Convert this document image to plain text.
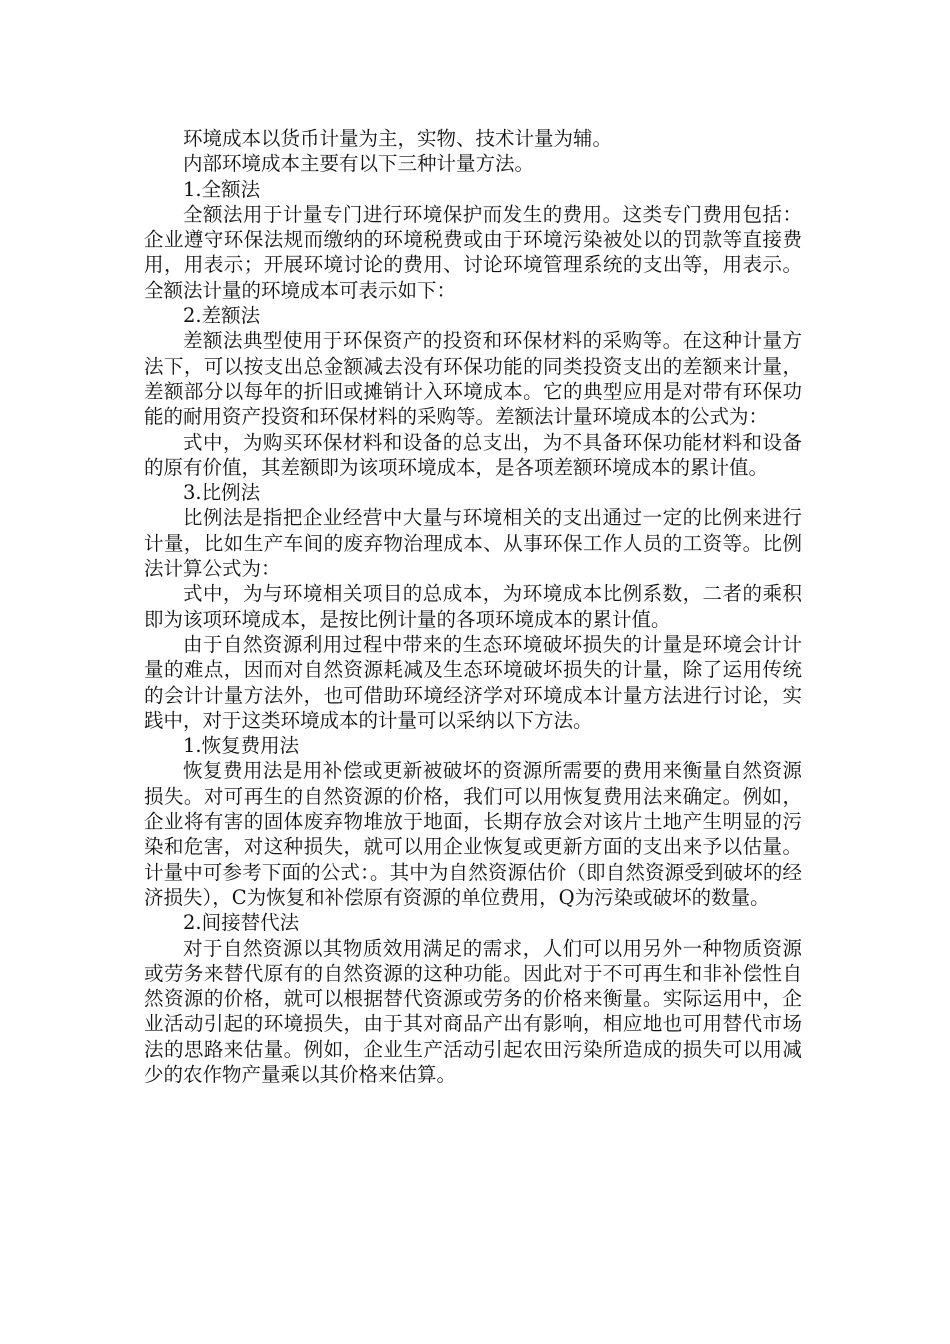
环境成本以货币计量为主，实物、技术计量为辅。

内部环境成本主要有以下三种计量方法。

1.全额法

全额法用于计量专门进行环境保护而发生的费用。这类专门费用包括：企业遵守环保法规而缴纳的环境税费或由于环境污染被处以的罚款等直接费用，用表示；开展环境讨论的费用、讨论环境管理系统的支出等，用表示。全额法计量的环境成本可表示如下：

2.差额法

差额法典型使用于环保资产的投资和环保材料的采购等。在这种计量方法下，可以按支出总金额减去没有环保功能的同类投资支出的差额来计量，差额部分以每年的折旧或摊销计入环境成本。它的典型应用是对带有环保功能的耐用资产投资和环保材料的采购等。差额法计量环境成本的公式为：

式中，为购买环保材料和设备的总支出，为不具备环保功能材料和设备的原有价值，其差额即为该项环境成本，是各项差额环境成本的累计值。

3.比例法

比例法是指把企业经营中大量与环境相关的支出通过一定的比例来进行计量，比如生产车间的废弃物治理成本、从事环保工作人员的工资等。比例法计算公式为：

式中，为与环境相关项目的总成本，为环境成本比例系数，二者的乘积即为该项环境成本，是按比例计量的各项环境成本的累计值。

由于自然资源利用过程中带来的生态环境破坏损失的计量是环境会计计量的难点，因而对自然资源耗减及生态环境破坏损失的计量，除了运用传统的会计计量方法外，也可借助环境经济学对环境成本计量方法进行讨论，实践中，对于这类环境成本的计量可以采纳以下方法。

1.恢复费用法

恢复费用法是用补偿或更新被破坏的资源所需要的费用来衡量自然资源损失。对可再生的自然资源的价格，我们可以用恢复费用法来确定。例如，企业将有害的固体废弃物堆放于地面，长期存放会对该片土地产生明显的污染和危害，对这种损失，就可以用企业恢复或更新方面的支出来予以估量。计量中可参考下面的公式：。其中为自然资源估价（即自然资源受到破坏的经济损失），C为恢复和补偿原有资源的单位费用，Q为污染或破坏的数量。

2.间接替代法

对于自然资源以其物质效用满足的需求，人们可以用另外一种物质资源或劳务来替代原有的自然资源的这种功能。因此对于不可再生和非补偿性自然资源的价格，就可以根据替代资源或劳务的价格来衡量。实际运用中，企业活动引起的环境损失，由于其对商品产出有影响，相应地也可用替代市场法的思路来估量。例如，企业生产活动引起农田污染所造成的损失可以用减少的农作物产量乘以其价格来估算。
